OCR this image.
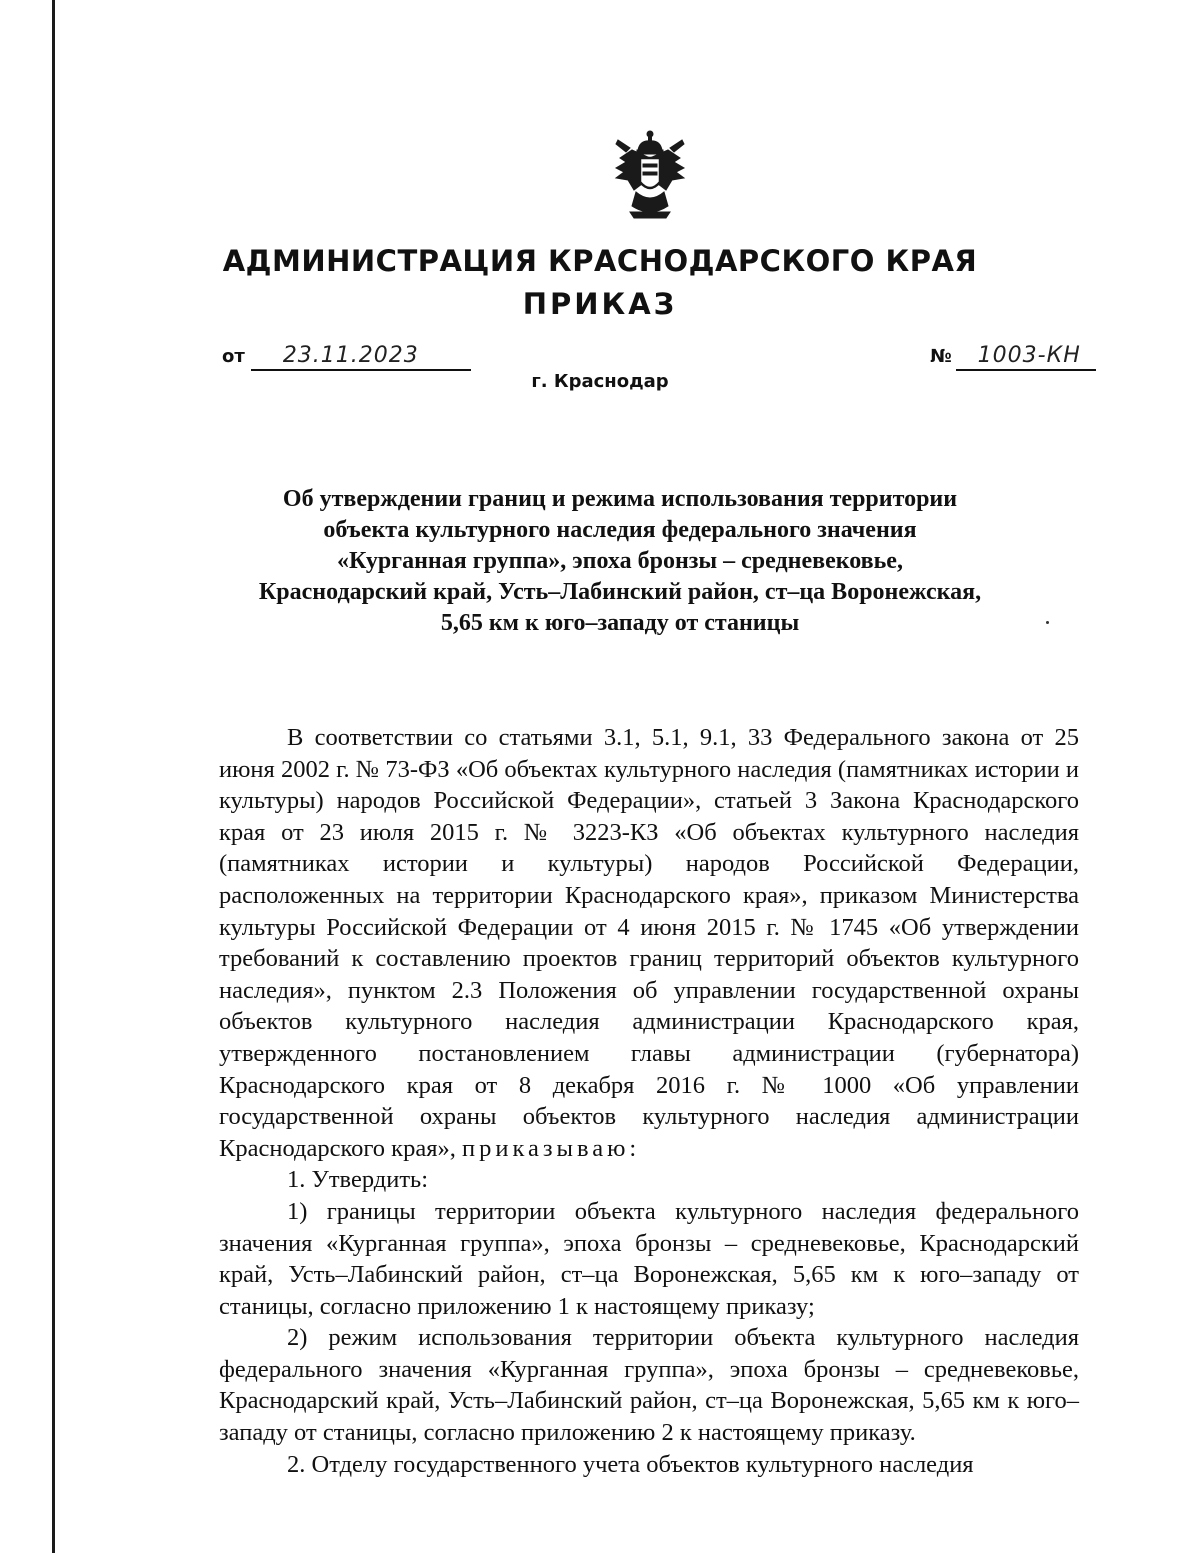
АДМИНИСТРАЦИЯ КРАСНОДАРСКОГО КРАЯ
ПРИКАЗ
от 23.11.2023	№ 1003-КН
г. Краснодар
Об утверждении границ и режима использования территории
объекта культурного наследия федерального значения
«Курганная группа», эпоха бронзы – средневековье,
Краснодарский край, Усть–Лабинский район, ст–ца Воронежская,
5,65 км к юго–западу от станицы

В соответствии со статьями 3.1, 5.1, 9.1, 33 Федерального закона от 25 июня 2002 г. № 73-ФЗ «Об объектах культурного наследия (памятниках истории и культуры) народов Российской Федерации», статьей 3 Закона Краснодарского края от 23 июля 2015 г. № 3223-КЗ «Об объектах культурного наследия (памятниках истории и культуры) народов Российской Федерации, расположенных на территории Краснодарского края», приказом Министерства культуры Российской Федерации от 4 июня 2015 г. № 1745 «Об утверждении требований к составлению проектов границ территорий объектов культурного наследия», пунктом 2.3 Положения об управлении государственной охраны объектов культурного наследия администрации Краснодарского края, утвержденного постановлением главы администрации (губернатора) Краснодарского края от 8 декабря 2016 г. № 1000 «Об управлении государственной охраны объектов культурного наследия администрации Краснодарского края», приказываю:

1. Утвердить:

1) границы территории объекта культурного наследия федерального значения «Курганная группа», эпоха бронзы – средневековье, Краснодарский край, Усть–Лабинский район, ст–ца Воронежская, 5,65 км к юго–западу от станицы, согласно приложению 1 к настоящему приказу;

2) режим использования территории объекта культурного наследия федерального значения «Курганная группа», эпоха бронзы – средневековье, Краснодарский край, Усть–Лабинский район, ст–ца Воронежская, 5,65 км к юго–западу от станицы, согласно приложению 2 к настоящему приказу.

2. Отделу государственного учета объектов культурного наследия
